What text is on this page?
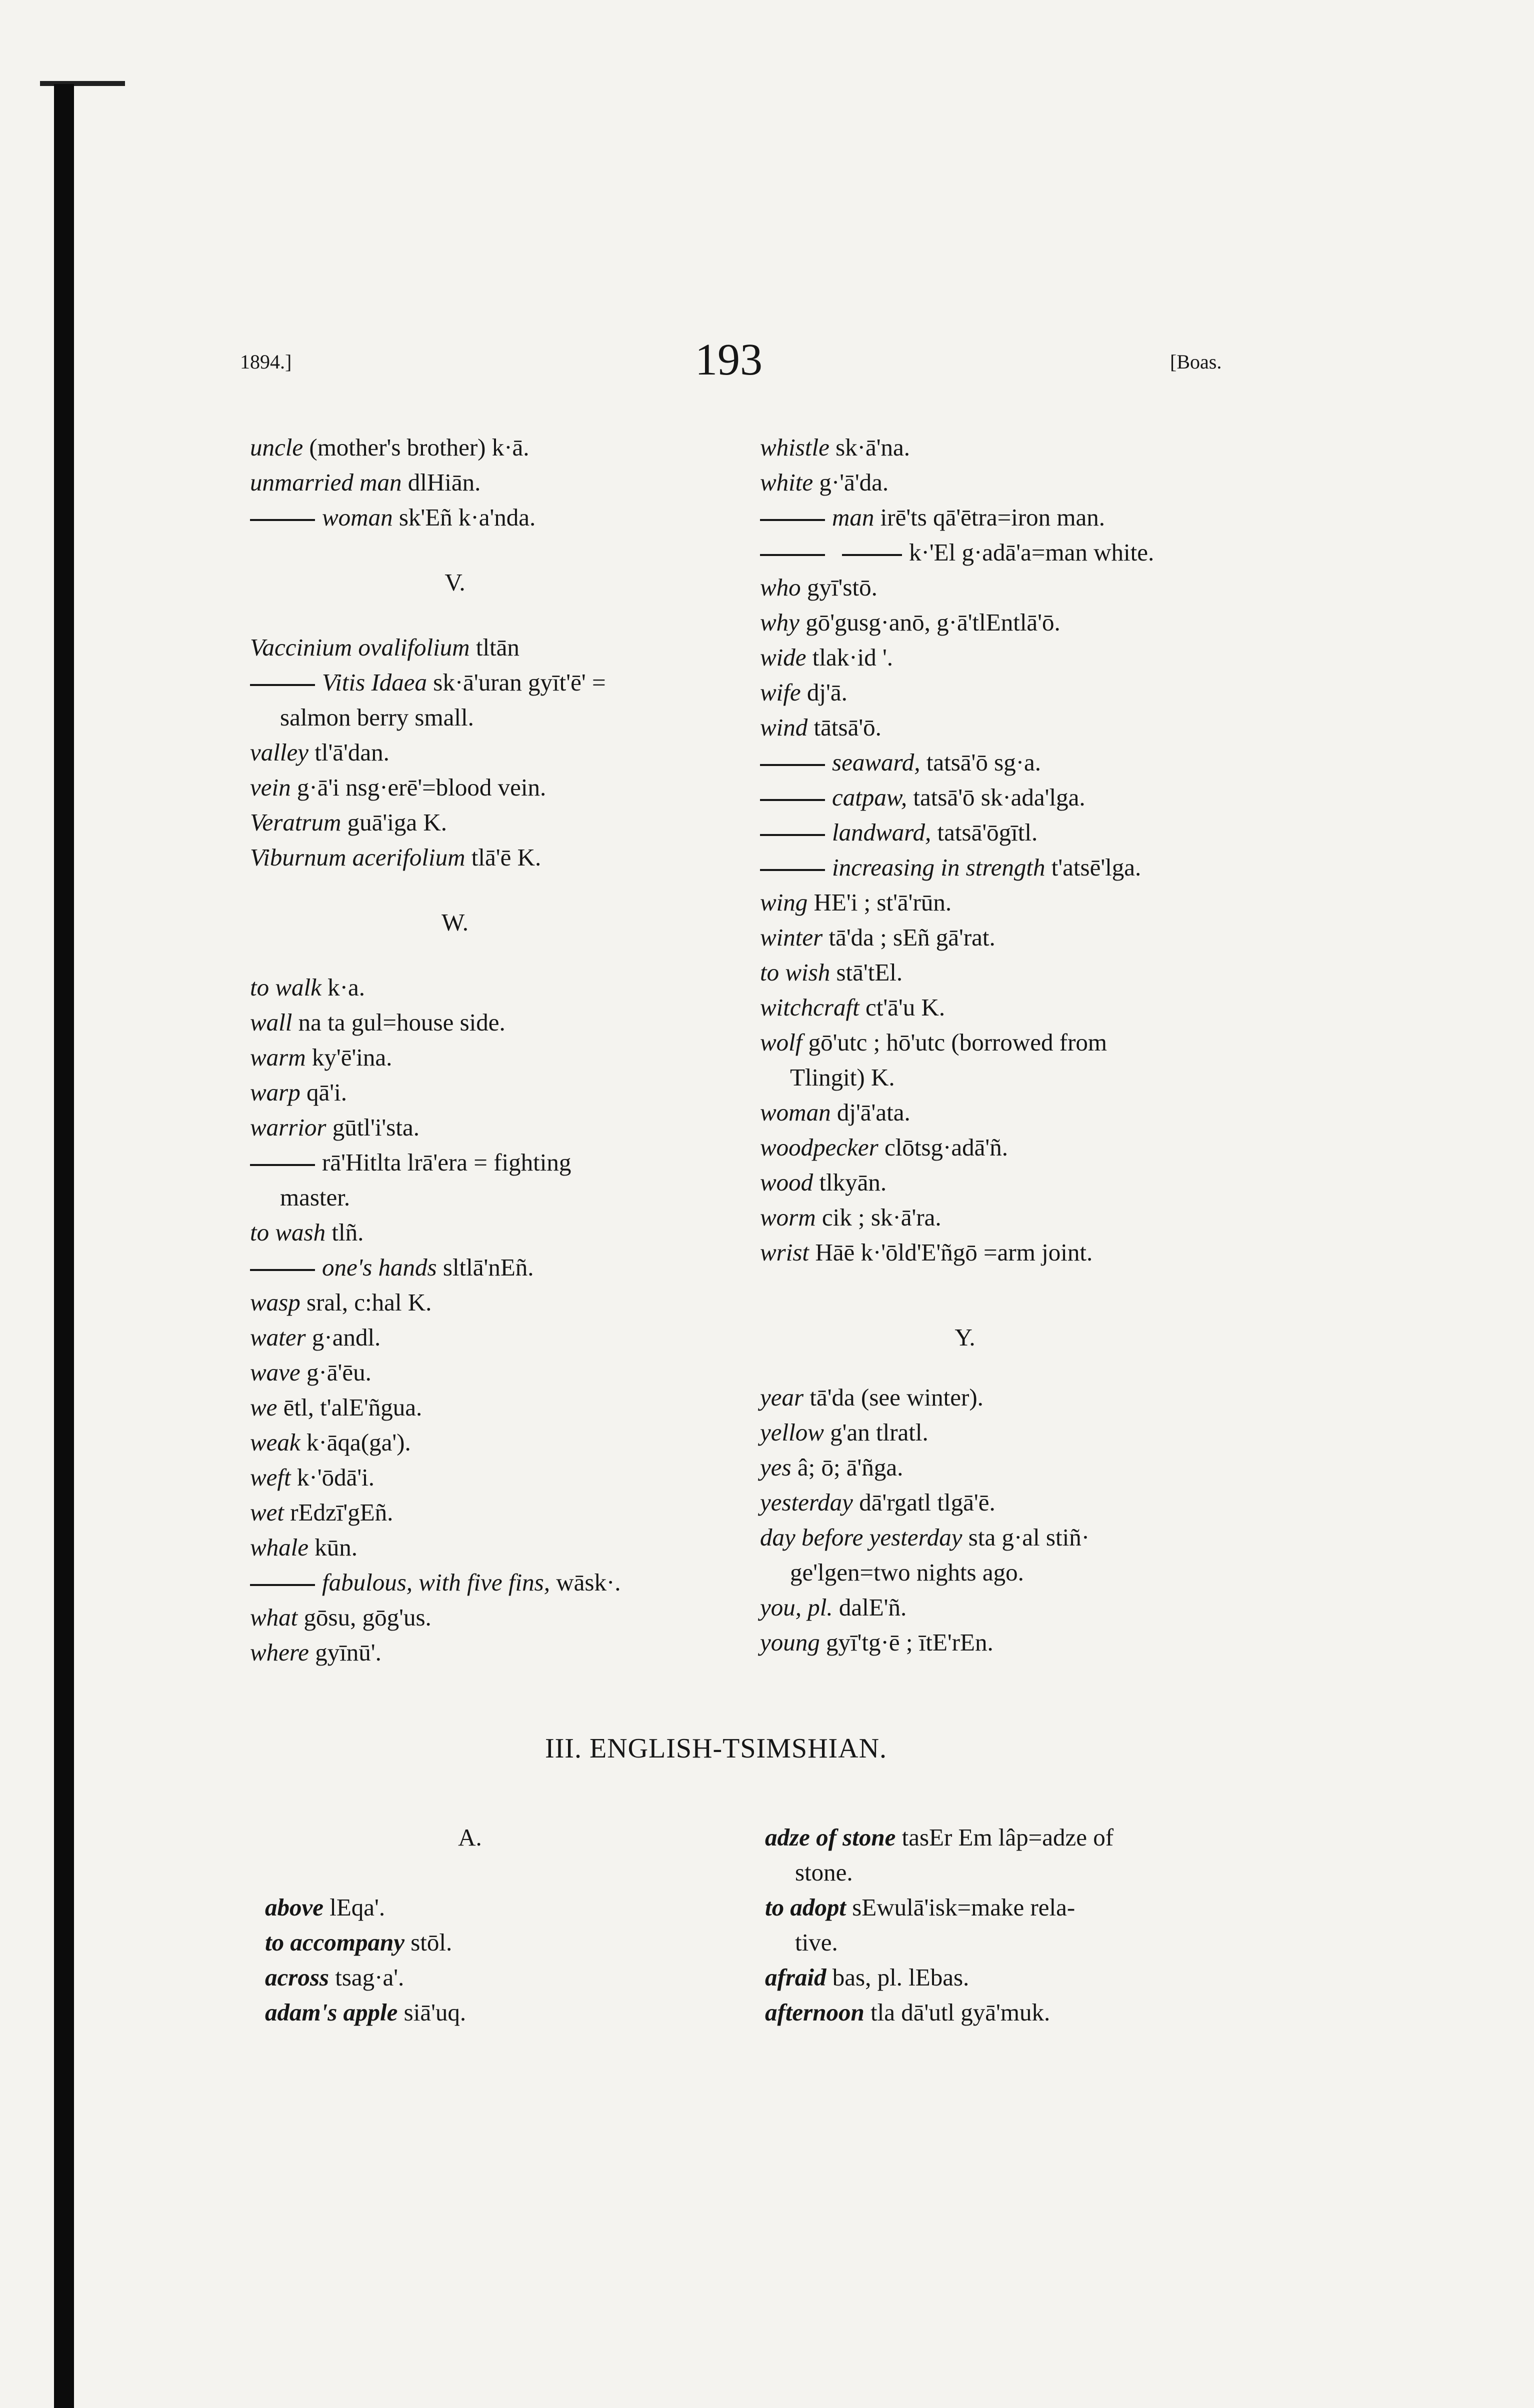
1894.]	193	[Boas.
uncle (mother's brother) k·ā.
unmarried man dlHiān.
woman sk'Eñ k·a'nda.
V.
Vaccinium ovalifolium tltān
Vitis Idaea sk·ā'uran gyīt'ē' =
salmon berry small.
valley tl'ā'dan.
vein g·ā'i nsg·erē'=blood vein.
Veratrum guā'iga K.
Viburnum acerifolium tlā'ē K.
W.
to walk k·a.
wall na ta gul=house side.
warm ky'ē'ina.
warp qā'i.
warrior gūtl'i'sta.
rā'Hitlta lrā'era = fighting
master.
to wash tlñ.
one's hands sltlā'nEñ.
wasp sral, c:hal K.
water g·andl.
wave g·ā'ēu.
we ētl, t'alE'ñgua.
weak k·āqa(ga').
weft k·'ōdā'i.
wet rEdzī'gEñ.
whale kūn.
fabulous, with five fins, wāsk·.
what gōsu, gōg'us.
where gyīnū'.
whistle sk·ā'na.
white g·'ā'da.
man irē'ts qā'ētra=iron man.
k·'El g·adā'a=man white.
who gyī'stō.
why gō'gusg·anō, g·ā'tlEntlā'ō.
wide tlak·id '.
wife dj'ā.
wind tātsā'ō.
seaward, tatsā'ō sg·a.
catpaw, tatsā'ō sk·ada'lga.
landward, tatsā'ōgītl.
increasing in strength t'atsē'lga.
wing HE'i ; st'ā'rūn.
winter tā'da ; sEñ gā'rat.
to wish stā'tEl.
witchcraft ct'ā'u K.
wolf gō'utc ; hō'utc (borrowed from
Tlingit) K.
woman dj'ā'ata.
woodpecker clōtsg·adā'ñ.
wood tlkyān.
worm cik ; sk·ā'ra.
wrist Hāē k·'ōld'E'ñgō =arm joint.
Y.
year tā'da (see winter).
yellow g'an tlratl.
yes â; ō; ā'ñga.
yesterday dā'rgatl tlgā'ē.
day before yesterday sta g·al stiñ·
ge'lgen=two nights ago.
you, pl. dalE'ñ.
young gyī'tg·ē ; ītE'rEn.
III. ENGLISH-TSIMSHIAN.
A.
above lEqa'.
to accompany stōl.
across tsag·a'.
adam's apple siā'uq.
adze of stone tasEr Em lâp=adze of
stone.
to adopt sEwulā'isk=make rela-
tive.
afraid bas, pl. lEbas.
afternoon tla dā'utl gyā'muk.
